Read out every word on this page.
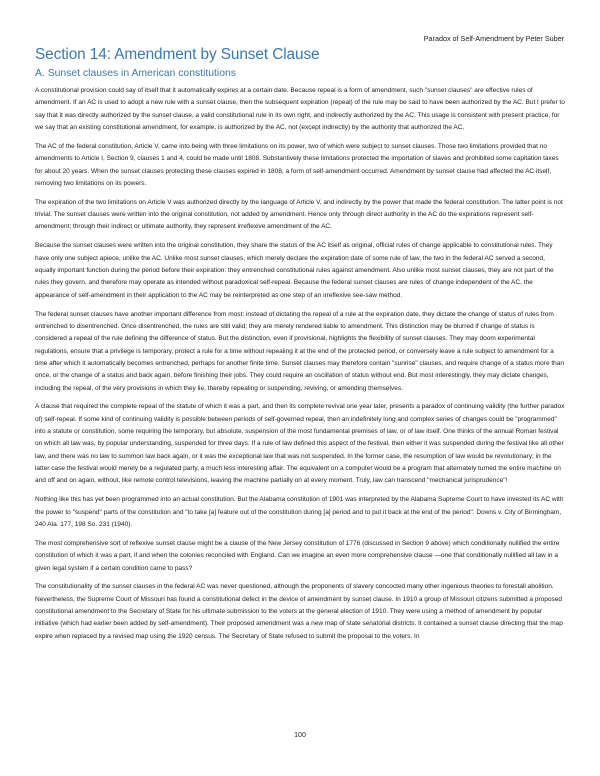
Paradox of Self-Amendment by Peter Suber
Section 14: Amendment by Sunset Clause
A. Sunset clauses in American constitutions

A constitutional provision could say of itself that it automatically expires at a certain date. Because repeal is a form of amendment, such "sunset clauses" are effective rules of amendment. If an AC is used to adopt a new rule with a sunset clause, then the subsequent expiration (repeal) of the rule may be said to have been authorized by the AC. But I prefer to say that it was directly authorized by the sunset clause, a valid constitutional rule in its own right, and indirectly authorized by the AC. This usage is consistent with present practice, for we say that an existing constitutional amendment, for example, is authorized by the AC, not (except indirectly) by the authority that authorized the AC.

The AC of the federal constitution, Article V, came into being with three limitations on its power, two of which were subject to sunset clauses. Those two limitations provided that no amendments to Article I, Section 9, clauses 1 and 4, could be made until 1808. Substantively these limitations protected the importation of slaves and prohibited some capitation taxes for about 20 years. When the sunset clauses protecting these clauses expired in 1808, a form of self-amendment occurred. Amendment by sunset clause had affected the AC itself, removing two limitations on its powers.

The expiration of the two limitations on Article V was authorized directly by the language of Article V, and indirectly by the power that made the federal constitution. The latter point is not trivial. The sunset clauses were written into the original constitution, not added by amendment. Hence only through direct authority in the AC do the expirations represent self-amendment; through their indirect or ultimate authority, they represent irreflexive amendment of the AC.

Because the sunset clauses were written into the original constitution, they share the status of the AC itself as original, official rules of change applicable to constitutional rules. They have only one subject apiece, unlike the AC. Unlike most sunset clauses, which merely declare the expiration date of some rule of law, the two in the federal AC served a second, equally important function during the period before their expiration: they entrenched constitutional rules against amendment. Also unlike most sunset clauses, they are not part of the rules they govern, and therefore may operate as intended without paradoxical self-repeal. Because the federal sunset clauses are rules of change independent of the AC, the appearance of self-amendment in their application to the AC may be reinterpreted as one step of an irreflexive see-saw method.

The federal sunset clauses have another important difference from most: instead of dictating the repeal of a rule at the expiration date, they dictate the change of status of rules from entrenched to disentrenched. Once disentrenched, the rules are still valid; they are merely rendered liable to amendment. This distinction may be blurred if change of status is considered a repeal of the rule defining the difference of status. But the distinction, even if provisional, highlights the flexibility of sunset clauses. They may doom experimental regulations, ensure that a privilege is temporary, protect a rule for a time without repealing it at the end of the protected period, or conversely leave a rule subject to amendment for a time after which it automatically becomes entrenched, perhaps for another finite time. Sunset clauses may therefore contain "sunrise" clauses, and require change of a status more than once, or the change of a status and back again, before finishing their jobs. They could require an oscillation of status without end. But most interestingly, they may dictate changes, including the repeal, of the very provisions in which they lie, thereby repealing or suspending, reviving, or amending themselves.

A clause that required the complete repeal of the statute of which it was a part, and then its complete revival one year later, presents a paradox of continuing validity (the further paradox of) self-repeal. If some kind of continuing validity is possible between periods of self-governed repeal, then an indefinitely long and complex series of changes could be "programmed" into a statute or constitution, some requiring the temporary, but absolute, suspension of the most fundamental premises of law, or of law itself. One thinks of the annual Roman festival on which all law was, by popular understanding, suspended for three days. If a rule of law defined this aspect of the festival, then either it was suspended during the festival like all other law, and there was no law to summon law back again, or it was the exceptional law that was not suspended. In the former case, the resumption of law would be revolutionary; in the latter case the festival would merely be a regulated party, a much less interesting affair. The equivalent on a computer would be a program that alternately turned the entire machine on and off and on again, without, like remote control televisions, leaving the machine partially on at every moment. Truly, law can transcend "mechanical jurisprudence"!

Nothing like this has yet been programmed into an actual constitution. But the Alabama constitution of 1901 was interpreted by the Alabama Supreme Court to have invested its AC with the power to "suspend" parts of the constitution and "to take [a] feature out of the constitution during [a] period and to put it back at the end of the period". Downs v. City of Birmingham, 240 Ala. 177, 198 So. 231 (1940).

The most comprehensive sort of reflexive sunset clause might be a clause of the New Jersey constitution of 1776 (discussed in Section 9 above) which conditionally nullified the entire constitution of which it was a part, if and when the colonies reconciled with England. Can we imagine an even more comprehensive clause —one that conditionally nullified all law in a given legal system if a certain condition came to pass?

The constitutionality of the sunset clauses in the federal AC was never questioned, although the proponents of slavery concocted many other ingenious theories to forestall abolition. Nevertheless, the Supreme Court of Missouri has found a constitutional defect in the device of amendment by sunset clause. In 1910 a group of Missouri citizens submitted a proposed constitutional amendment to the Secretary of State for his ultimate submission to the voters at the general election of 1910. They were using a method of amendment by popular initiative (which had earlier been added by self-amendment). Their proposed amendment was a new map of state senatorial districts. It contained a sunset clause directing that the map expire when replaced by a revised map using the 1920 census. The Secretary of State refused to submit the proposal to the voters. In

100
